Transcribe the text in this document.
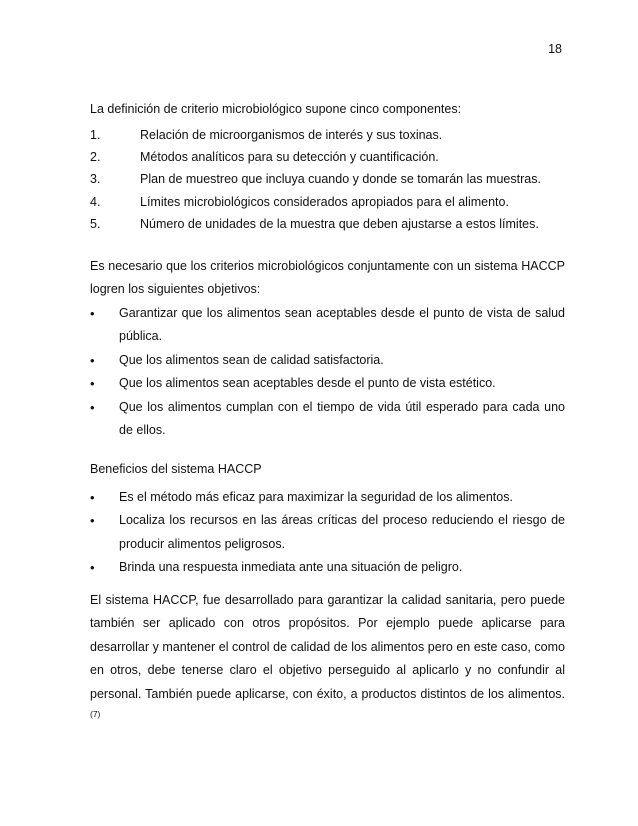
18

La definición de criterio microbiológico supone cinco componentes:

1.	Relación de microorganismos de interés y sus toxinas.
2.	Métodos analíticos para su detección y cuantificación.
3.	Plan de muestreo que incluya cuando y donde se tomarán las muestras.
4.	Límites microbiológicos considerados apropiados para el alimento.
5.	Número de unidades de la muestra que deben ajustarse a estos límites.

Es necesario que los criterios microbiológicos conjuntamente con un sistema HACCP logren los siguientes objetivos:

• Garantizar que los alimentos sean aceptables desde el punto de vista de salud pública.
• Que los alimentos sean de calidad satisfactoria.
• Que los alimentos sean aceptables desde el punto de vista estético.
• Que los alimentos cumplan con el tiempo de vida útil esperado para cada uno de ellos.

Beneficios del sistema HACCP

• Es el método más eficaz para maximizar la seguridad de los alimentos.
• Localiza los recursos en las áreas críticas del proceso reduciendo el riesgo de producir alimentos peligrosos.
• Brinda una respuesta inmediata ante una situación de peligro.

El sistema HACCP, fue desarrollado para garantizar la calidad sanitaria, pero puede también ser aplicado con otros propósitos. Por ejemplo puede aplicarse para desarrollar y mantener el control de calidad de los alimentos pero en este caso, como en otros, debe tenerse claro el objetivo perseguido al aplicarlo y no confundir al personal. También puede aplicarse, con éxito, a productos distintos de los alimentos.$^{(7)}$
